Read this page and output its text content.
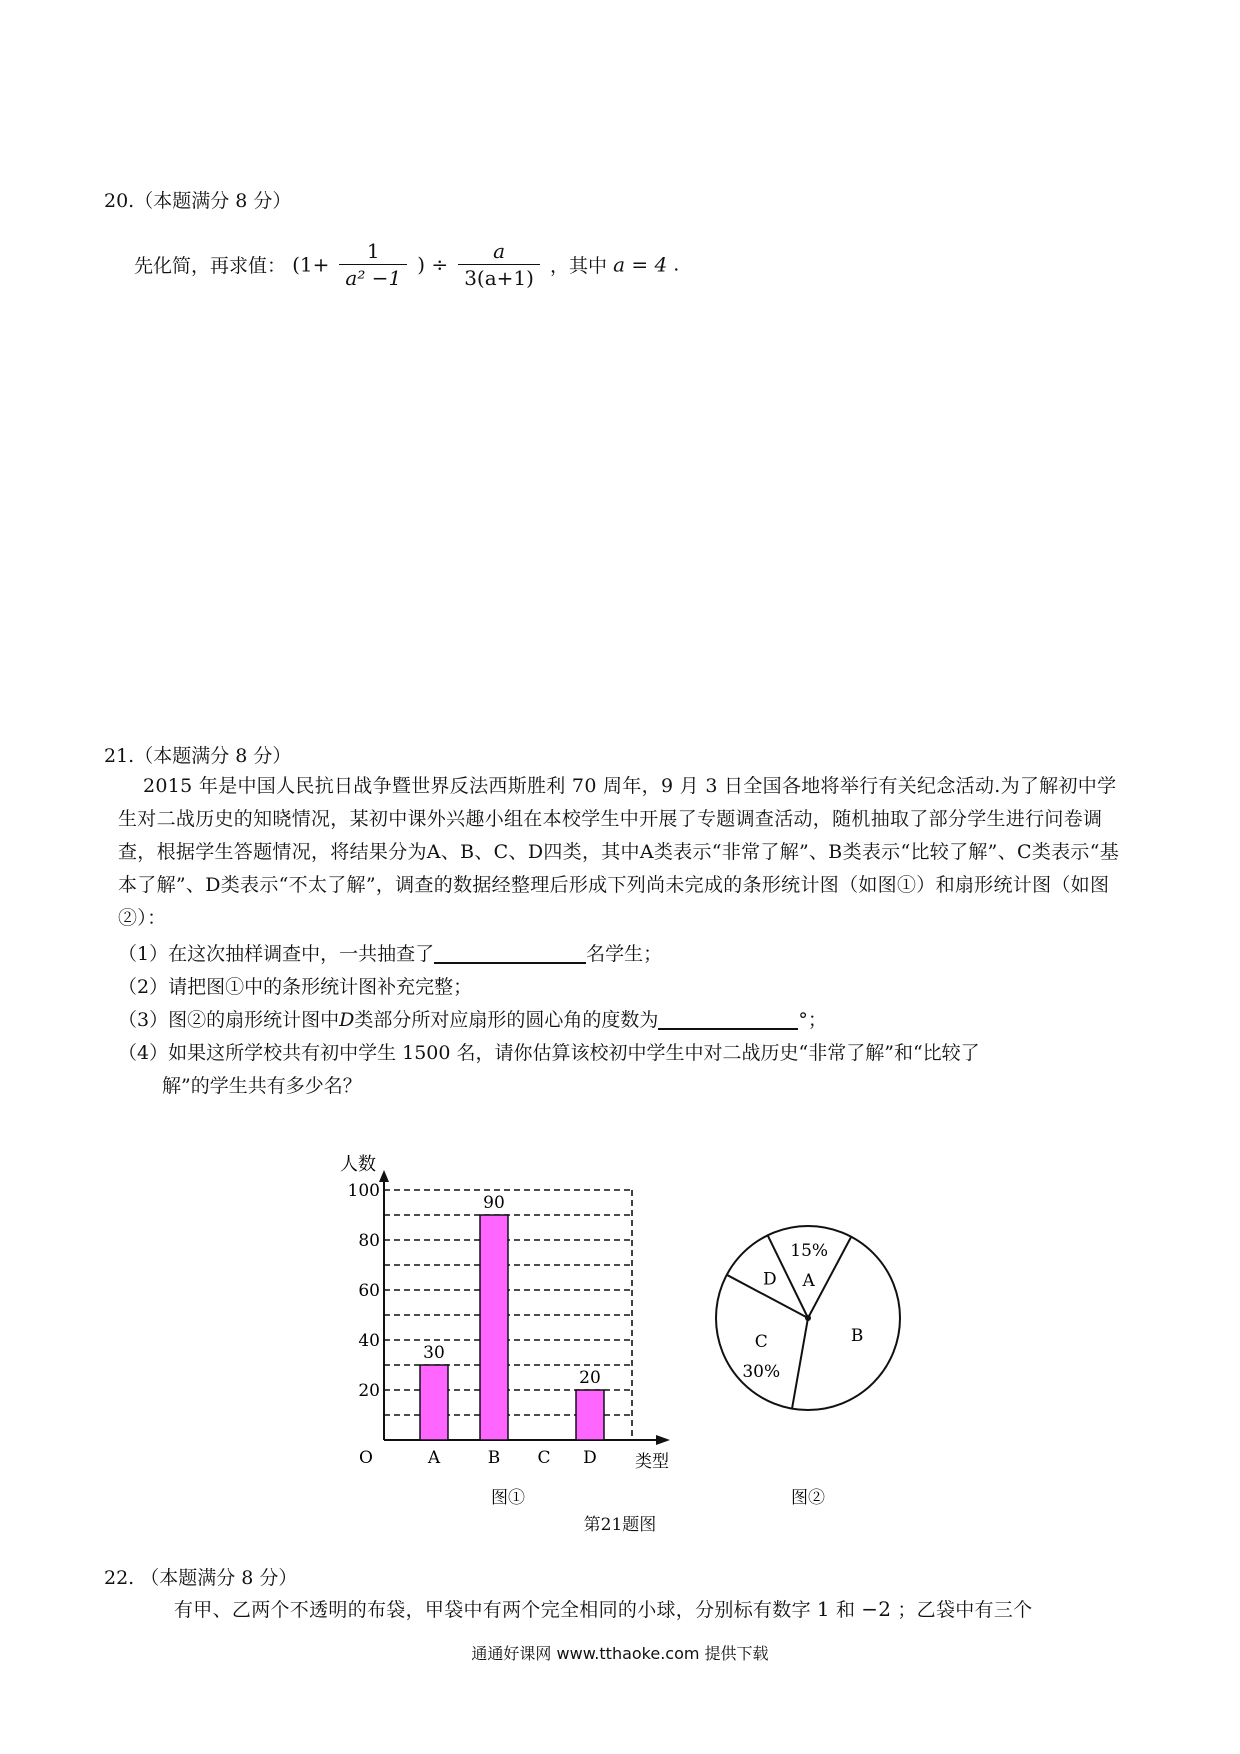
20.（本题满分 8 分）
先化简，再求值： ($1+ \frac{1}{\text{a² −1}}$ ) ÷ $\frac{a}{3(a+1)}$ ，其中 a = 4 .
21.（本题满分 8 分）
2015 年是中国人民抗日战争暨世界反法西斯胜利 70 周年，9 月 3 日全国各地将举行有关纪念活动.为了解初中学生对二战历史的知晓情况，某初中课外兴趣小组在本校学生中开展了专题调查活动，随机抽取了部分学生进行问卷调查，根据学生答题情况，将结果分为A、B、C、D四类，其中A类表示“非常了解”、B类表示“比较了解”、C类表示“基本了解”、D类表示“不太了解”，调查的数据经整理后形成下列尚未完成的条形统计图（如图①）和扇形统计图（如图②）：
（1）在这次抽样调查中，一共抽查了	名学生；
（2）请把图①中的条形统计图补充完整；
（3）图②的扇形统计图中D类部分所对应扇形的圆心角的度数为	°；
（4）如果这所学校共有初中学生 1500 名，请你估算该校初中学生中对二战历史“非常了解”和“比较了
解”的学生共有多少名？
20
40
60
80
100
人数
O	类型
30
A
90
B C
20
D
图①
A
15%
B
C
30%
D
图②
第21题图
22. （本题满分 8 分）
有甲、乙两个不透明的布袋，甲袋中有两个完全相同的小球，分别标有数字 1 和 −2 ；乙袋中有三个
通通好课网 www.tthaoke.com 提供下载
